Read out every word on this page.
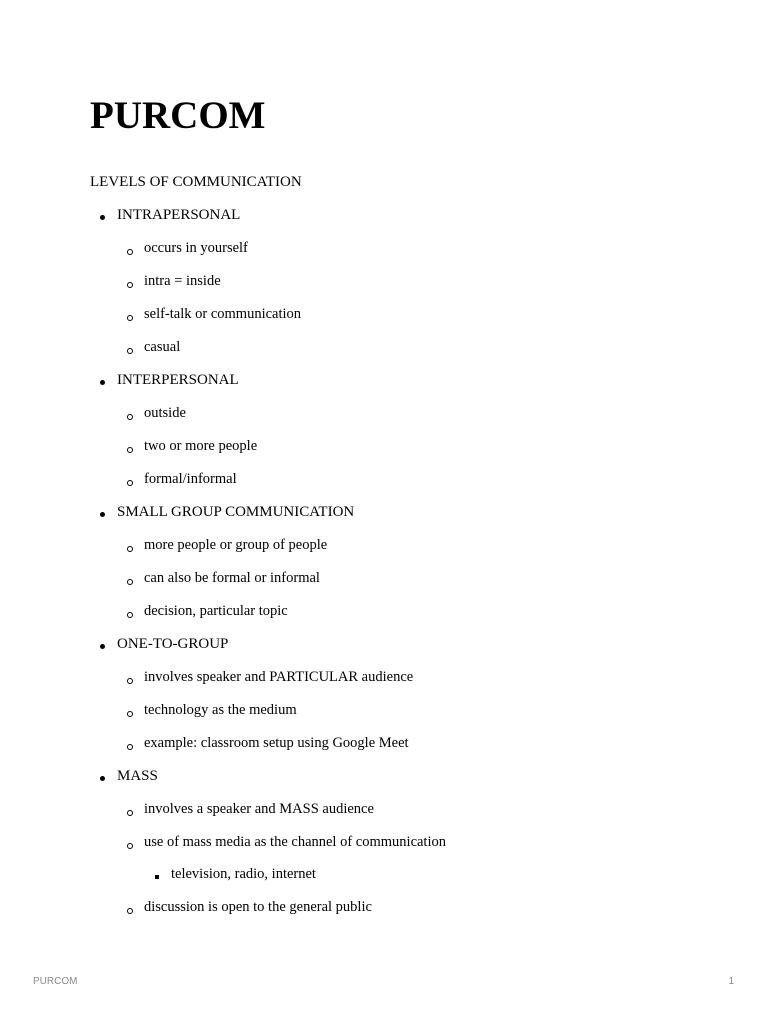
PURCOM
LEVELS OF COMMUNICATION
INTRAPERSONAL
occurs in yourself
intra = inside
self-talk or communication
casual
INTERPERSONAL
outside
two or more people
formal/informal
SMALL GROUP COMMUNICATION
more people or group of people
can also be formal or informal
decision, particular topic
ONE-TO-GROUP
involves speaker and PARTICULAR audience
technology as the medium
example: classroom setup using Google Meet
MASS
involves a speaker and MASS audience
use of mass media as the channel of communication
television, radio, internet
discussion is open to the general public
PURCOM	1
